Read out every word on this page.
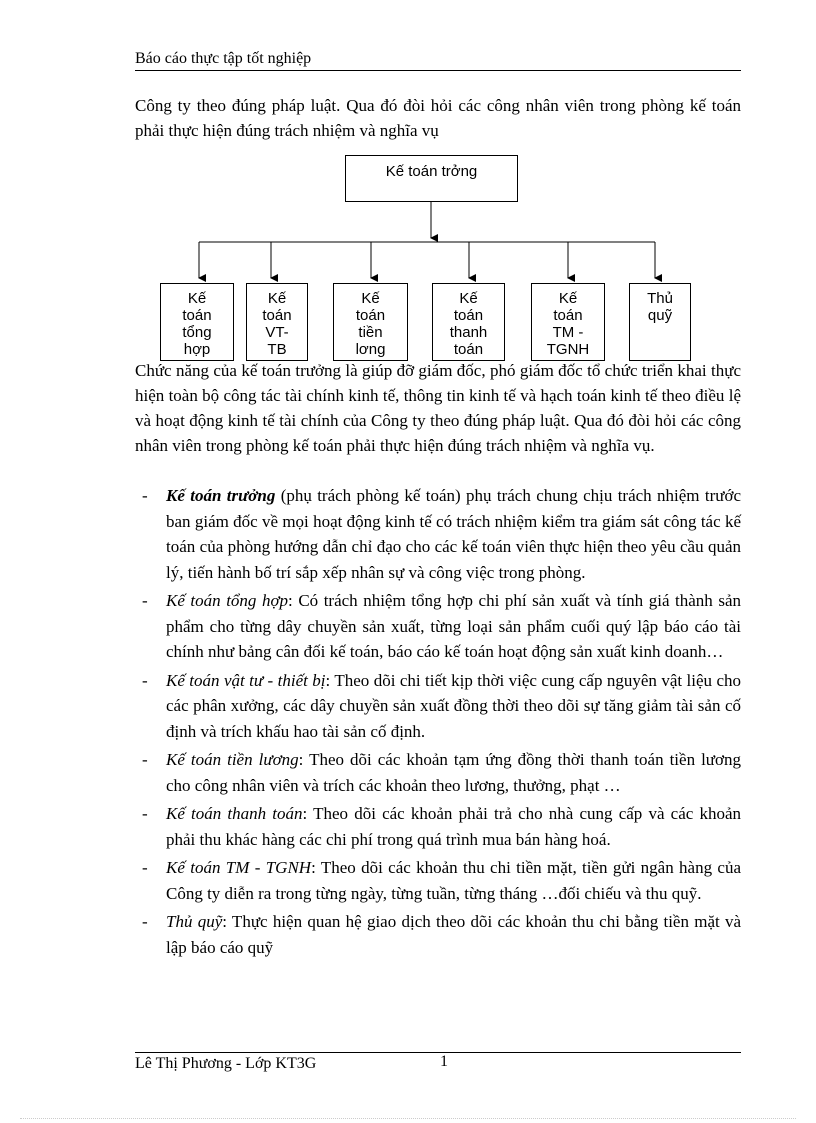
Báo cáo thực tập tốt nghiệp
Công ty theo đúng pháp luật. Qua đó đòi hỏi các công nhân viên trong phòng kế toán phải thực hiện đúng trách nhiệm và nghĩa vụ
Chức năng của kế toán trưởng là giúp đỡ giám đốc, phó giám đốc tổ chức triển khai thực hiện toàn bộ công tác tài chính kinh tế, thông tin kinh tế và hạch toán kinh tế theo điều lệ và hoạt động kinh tế tài chính của Công ty theo đúng pháp luật. Qua đó đòi hỏi các công nhân viên trong phòng kế toán phải thực hiện đúng trách nhiệm và nghĩa vụ.
Kế toán trởng
Kế
toán
tổng
hợp
Kế
toán
VT-
TB
Kế
toán
tiền
lơng
Kế
toán
thanh
toán
Kế
toán
TM -
TGNH
Thủ
quỹ
- Kế toán trưởng (phụ trách phòng kế toán) phụ trách chung chịu trách nhiệm trước ban giám đốc về mọi hoạt động kinh tế có trách nhiệm kiểm tra giám sát công tác kế toán của phòng hướng dẫn chỉ đạo cho các kế toán viên thực hiện theo yêu cầu quản lý, tiến hành bố trí sắp xếp nhân sự và công việc trong phòng.
- Kế toán tổng hợp: Có trách nhiệm tổng hợp chi phí sản xuất và tính giá thành sản phẩm cho từng dây chuyền sản xuất, từng loại sản phẩm cuối quý lập báo cáo tài chính như bảng cân đối kế toán, báo cáo kế toán hoạt động sản xuất kinh doanh…
- Kế toán vật tư - thiết bị: Theo dõi chi tiết kịp thời việc cung cấp nguyên vật liệu cho các phân xưởng, các dây chuyền sản xuất đồng thời theo dõi sự tăng giảm tài sản cố định và trích khấu hao tài sản cố định.
- Kế toán tiền lương: Theo dõi các khoản tạm ứng đồng thời thanh toán tiền lương cho công nhân viên và trích các khoản theo lương, thưởng, phạt …
- Kế toán thanh toán: Theo dõi các khoản phải trả cho nhà cung cấp và các khoản phải thu khác hàng các chi phí trong quá trình mua bán hàng hoá.
- Kế toán TM - TGNH: Theo dõi các khoản thu chi tiền mặt, tiền gửi ngân hàng của Công ty diễn ra trong từng ngày, từng tuần, từng tháng …đối chiếu và thu quỹ.
- Thủ quỹ: Thực hiện quan hệ giao dịch theo dõi các khoản thu chi bằng tiền mặt và lập báo cáo quỹ
Lê Thị Phương - Lớp KT3G	1
